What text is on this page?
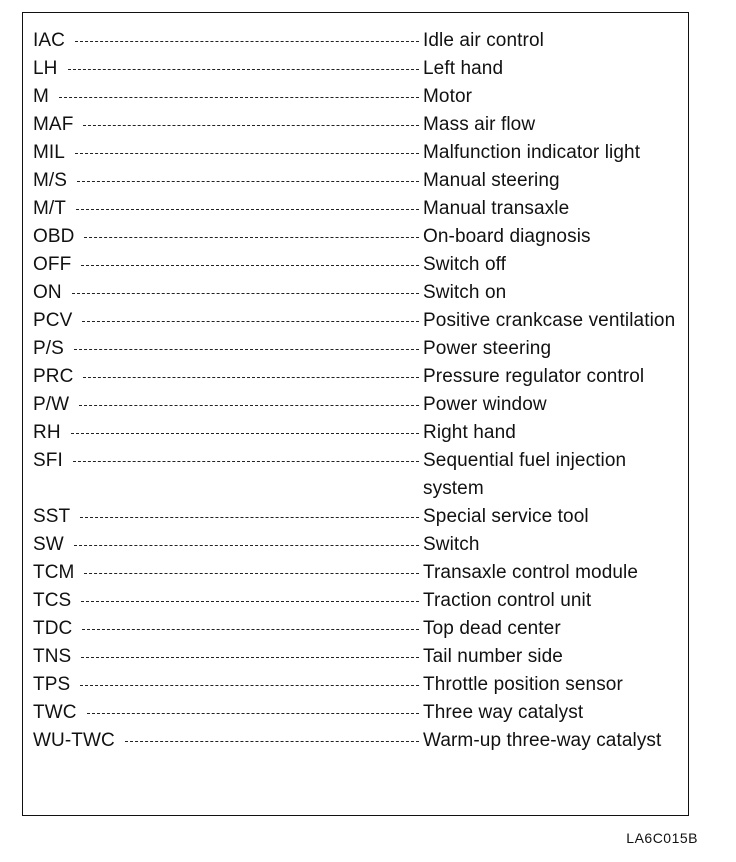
IAC	Idle air control
LH	Left hand
M	Motor
MAF	Mass air flow
MIL	Malfunction indicator light
M/S	Manual steering
M/T	Manual transaxle
OBD	On-board diagnosis
OFF	Switch off
ON	Switch on
PCV	Positive crankcase ventilation
P/S	Power steering
PRC	Pressure regulator control
P/W	Power window
RH	Right hand
SFI	Sequential fuel injection system
SST	Special service tool
SW	Switch
TCM	Transaxle control module
TCS	Traction control unit
TDC	Top dead center
TNS	Tail number side
TPS	Throttle position sensor
TWC	Three way catalyst
WU-TWC	Warm-up three-way catalyst
LA6C015B
